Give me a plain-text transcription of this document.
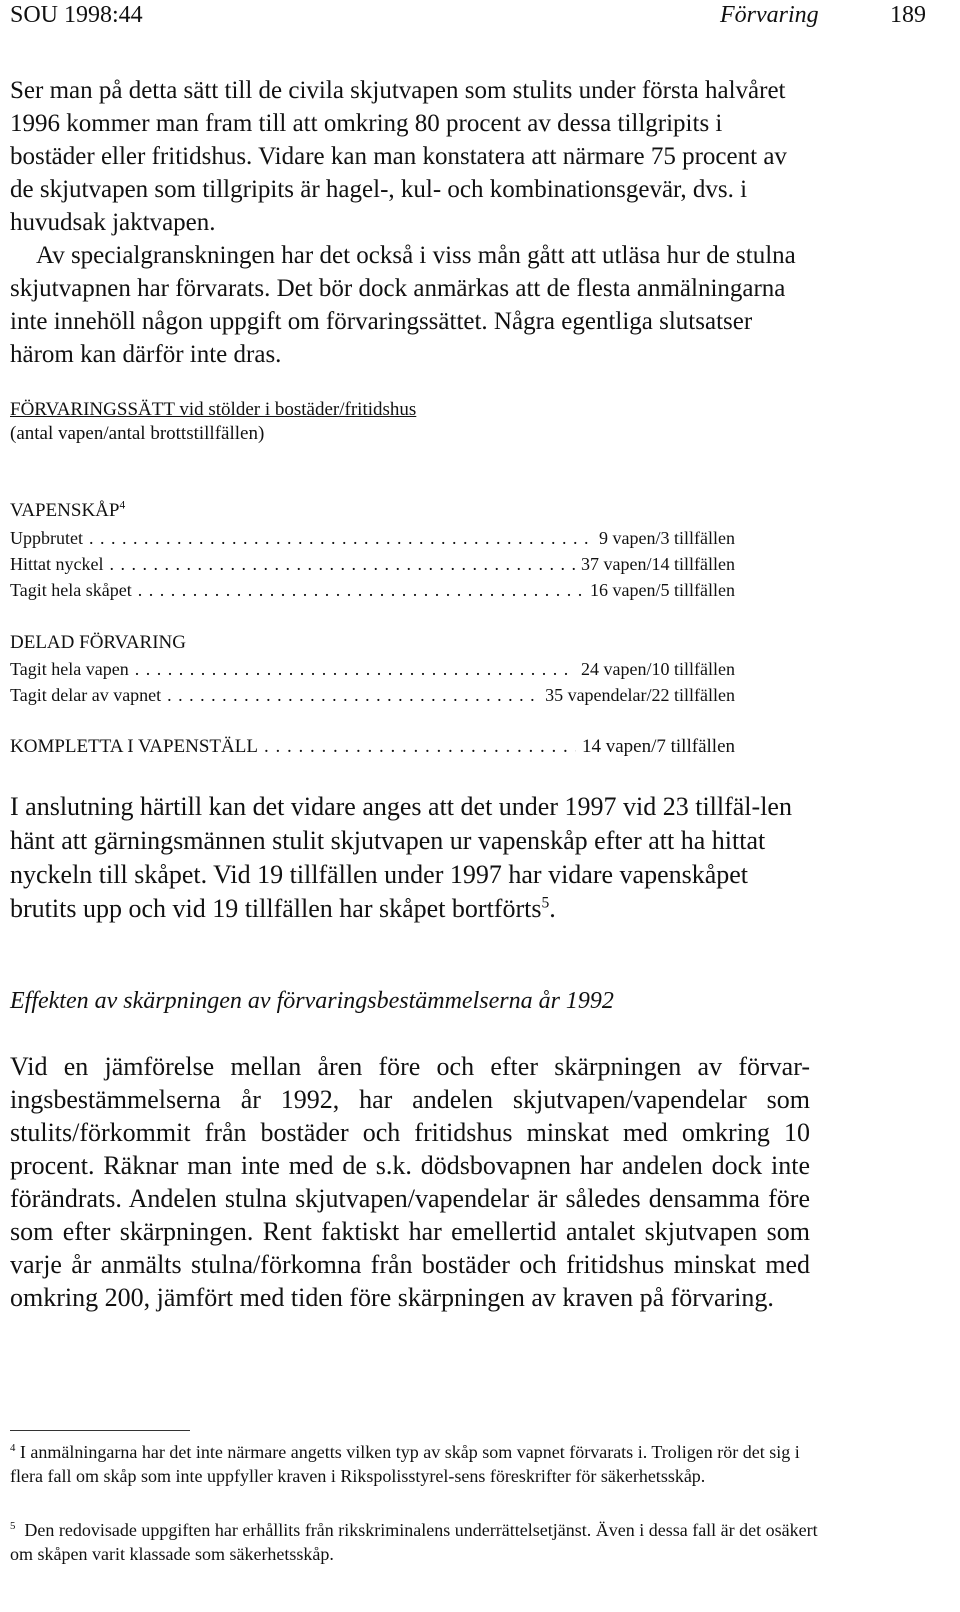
SOU 1998:44	Förvaring	189
Ser man på detta sätt till de civila skjutvapen som stulits under första halvåret 1996 kommer man fram till att omkring 80 procent av dessa tillgripits i bostäder eller fritidshus. Vidare kan man konstatera att närmare 75 procent av de skjutvapen som tillgripits är hagel-, kul- och kombinationsgevär, dvs. i huvudsak jaktvapen.
Av specialgranskningen har det också i viss mån gått att utläsa hur de stulna skjutvapnen har förvarats. Det bör dock anmärkas att de flesta anmälningarna inte innehöll någon uppgift om förvaringssättet. Några egentliga slutsatser härom kan därför inte dras.
FÖRVARINGSSÄTT vid stölder i bostäder/fritidshus
(antal vapen/antal brottstillfällen)
VAPENSKÅP$^4$
Uppbrutet . . .	9 vapen/3 tillfällen
Hittat nyckel . . .	37 vapen/14 tillfällen
Tagit hela skåpet . . .	16 vapen/5 tillfällen
DELAD FÖRVARING
Tagit hela vapen . . .	24 vapen/10 tillfällen
Tagit delar av vapnet . . .	35 vapendelar/22 tillfällen
KOMPLETTA I VAPENSTÄLL . . .	14 vapen/7 tillfällen
I anslutning härtill kan det vidare anges att det under 1997 vid 23 tillfäl-len hänt att gärningsmännen stulit skjutvapen ur vapenskåp efter att ha hittat nyckeln till skåpet. Vid 19 tillfällen under 1997 har vidare vapenskåpet brutits upp och vid 19 tillfällen har skåpet bortförts$^5$.
Effekten av skärpningen av förvaringsbestämmelserna år 1992
Vid en jämförelse mellan åren före och efter skärpningen av förvar-ingsbestämmelserna år 1992, har andelen skjutvapen/vapendelar som stulits/förkommit från bostäder och fritidshus minskat med omkring 10 procent. Räknar man inte med de s.k. dödsbovapnen har andelen dock inte förändrats. Andelen stulna skjutvapen/vapendelar är således densamma före som efter skärpningen. Rent faktiskt har emellertid antalet skjutvapen som varje år anmälts stulna/förkomna från bostäder och fritidshus minskat med omkring 200, jämfört med tiden före skärpningen av kraven på förvaring.
$^4$ I anmälningarna har det inte närmare angetts vilken typ av skåp som vapnet förvarats i. Troligen rör det sig i flera fall om skåp som inte uppfyller kraven i Rikspolisstyrel-sens föreskrifter för säkerhetsskåp.
$^5$ Den redovisade uppgiften har erhållits från rikskriminalens underrättelsetjänst. Även i dessa fall är det osäkert om skåpen varit klassade som säkerhetsskåp.
